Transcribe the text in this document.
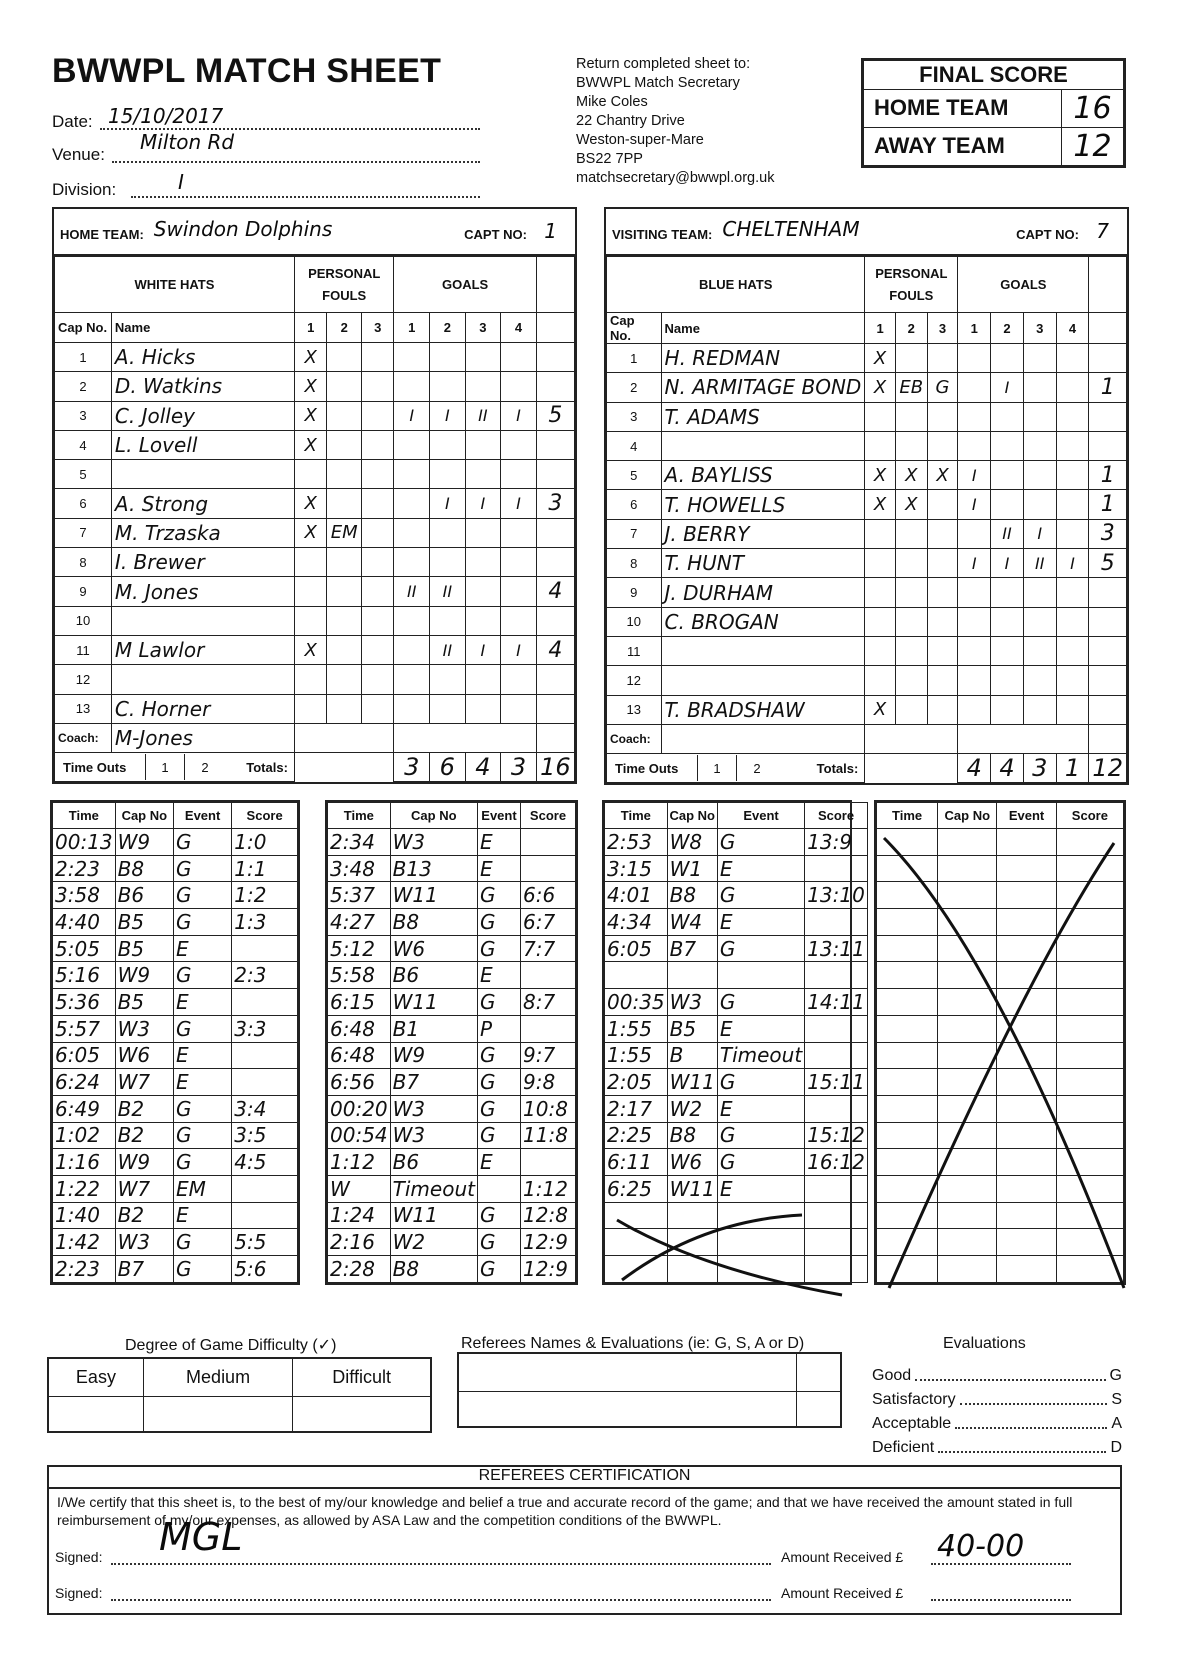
BWWPL MATCH SHEET
Date: 15/10/2017
Venue:
Milton Rd
Division:	I
Return completed sheet to:
BWWPL Match Secretary
Mike Coles
22 Chantry Drive
Weston-super-Mare
BS22 7PP
matchsecretary@bwwpl.org.uk
FINAL SCORE	
HOME TEAM	16
AWAY TEAM	12
HOME TEAM: Swindon Dolphins	CAPT NO: 1
WHITE HATS		PERSONAL FOULS			GOALS				
Cap No.	Name	1	2	3	1	2	3	4	
1	A. Hicks	X							
2	D. Watkins	X							
3	C. Jolley	X			I	I	II	I	5
4	L. Lovell	X							
5									
6	A. Strong	X				I	I	I	3
7	M. Trzaska	X	EM						
8	I. Brewer								
9	M. Jones				II	II			4
10									
11	M Lawlor	X				II	I	I	4
12									
13	C. Horner								
Coach:	M-Jones								

Time Outs 1 2 Totals:					3	6	4	3	16
VISITING TEAM: CHELTENHAM	CAPT NO: 7
BLUE HATS		PERSONAL FOULS			GOALS				
Cap No.	Name	1	2	3	1	2	3	4	
1	H. REDMAN	X							
2	N. ARMITAGE BOND	X	EB	G		I			1
3	T. ADAMS								
4									
5	A. BAYLISS	X	X	X	I				1
6	T. HOWELLS	X	X		I				1
7	J. BERRY					II	I		3
8	T. HUNT				I	I	II	I	5
9	J. DURHAM								
10	C. BROGAN								
11									
12									
13	T. BRADSHAW	X							
Coach:									

Time Outs 1 2 Totals:					4	4	3	1	12
Time	Cap No	Event	Score
00:13	W9	G	1:0
2:23	B8	G	1:1
3:58	B6	G	1:2
4:40	B5	G	1:3
5:05	B5	E	
5:16	W9	G	2:3
5:36	B5	E	
5:57	W3	G	3:3
6:05	W6	E	
6:24	W7	E	
6:49	B2	G	3:4
1:02	B2	G	3:5
1:16	W9	G	4:5
1:22	W7	EM	
1:40	B2	E	
1:42	W3	G	5:5
2:23	B7	G	5:6
Time	Cap No	Event	Score
2:34	W3	E	
3:48	B13	E	
5:37	W11	G	6:6
4:27	B8	G	6:7
5:12	W6	G	7:7
5:58	B6	E	
6:15	W11	G	8:7
6:48	B1	P	
6:48	W9	G	9:7
6:56	B7	G	9:8
00:20	W3	G	10:8
00:54	W3	G	11:8
1:12	B6	E	
W	Timeout		1:12
1:24	W11	G	12:8
2:16	W2	G	12:9
2:28	B8	G	12:9
Time	Cap No	Event	Score
2:53	W8	G	13:9
3:15	W1	E	
4:01	B8	G	13:10
4:34	W4	E	
6:05	B7	G	13:11

00:35	W3	G	14:11
1:55	B5	E	
1:55	B	Timeout	
2:05	W11	G	15:11
2:17	W2	E	
2:25	B8	G	15:12
6:11	W6	G	16:12
6:25	W11	E	

Time	Cap No	Event	Score

Degree of Game Difficulty (✓)
Easy	Medium	Difficult

Referees Names & Evaluations (ie: G, S, A or D)

		Evaluations
Good	G
Satisfactory	S
Acceptable	A
Deficient	D
REFEREES CERTIFICATION
I/We certify that this sheet is, to the best of my/our knowledge and belief a true and accurate record of the game; and that we have received the amount stated in full reimbursement of my/our expenses, as allowed by ASA Law and the competition conditions of the BWWPL.
Signed: MGL	Amount Received £ 40-00
Signed:	Amount Received £
